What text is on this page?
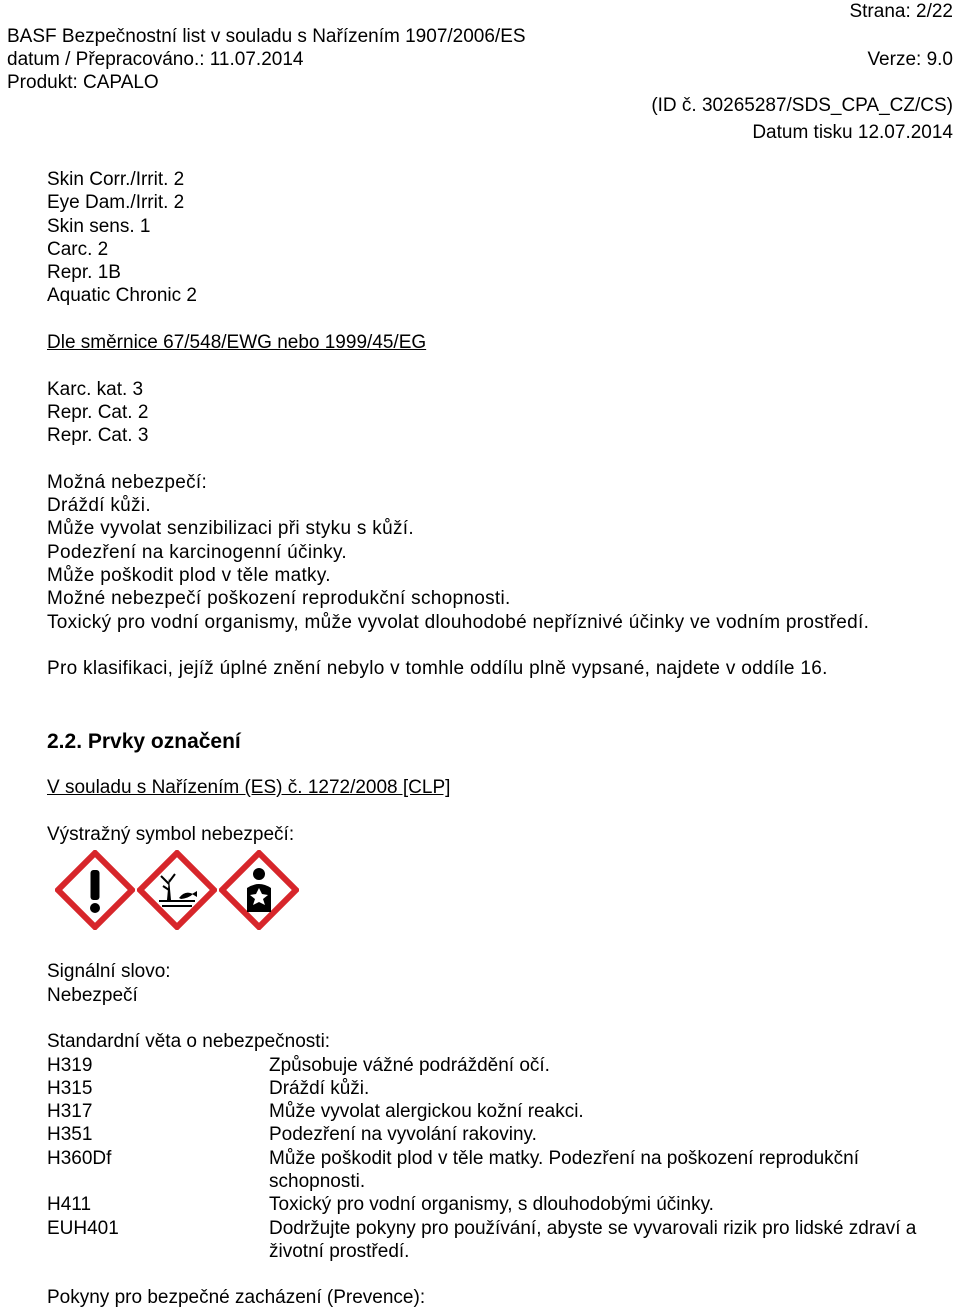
Strana: 2/22
BASF Bezpečnostní list v souladu s Nařízením 1907/2006/ES
datum / Přepracováno.: 11.07.2014	Verze: 9.0
Produkt: CAPALO
(ID č. 30265287/SDS_CPA_CZ/CS)
Datum tisku 12.07.2014
Skin Corr./Irrit. 2
Eye Dam./Irrit. 2
Skin sens. 1
Carc. 2
Repr. 1B
Aquatic Chronic 2
Dle směrnice 67/548/EWG nebo 1999/45/EG
Karc. kat. 3
Repr. Cat. 2
Repr. Cat. 3
Možná nebezpečí:
Dráždí kůži.
Může vyvolat senzibilizaci při styku s kůží.
Podezření na karcinogenní účinky.
Může poškodit plod v těle matky.
Možné nebezpečí poškození reprodukční schopnosti.
Toxický pro vodní organismy, může vyvolat dlouhodobé nepříznivé účinky ve vodním prostředí.
Pro klasifikaci, jejíž úplné znění nebylo v tomhle oddílu plně vypsané, najdete v oddíle 16.
2.2. Prvky označení
V souladu s Nařízením (ES) č. 1272/2008 [CLP]
Výstražný symbol nebezpečí:
Signální slovo:
Nebezpečí
Standardní věta o nebezpečnosti:
H319	Způsobuje vážné podráždění očí.
H315	Dráždí kůži.
H317	Může vyvolat alergickou kožní reakci.
H351	Podezření na vyvolání rakoviny.
H360Df	Může poškodit plod v těle matky. Podezření na poškození reprodukční schopnosti.
H411	Toxický pro vodní organismy, s dlouhodobými účinky.
EUH401	Dodržujte pokyny pro používání, abyste se vyvarovali rizik pro lidské zdraví a životní prostředí.
Pokyny pro bezpečné zacházení (Prevence):
